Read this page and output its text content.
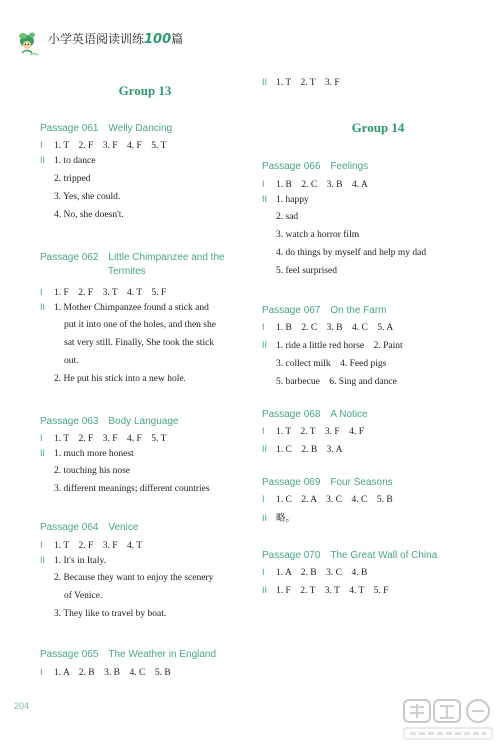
小学英语阅读训练100篇
Group 13
Passage 061　Welly Dancing
I 1. T　2. F　3. F　4. F　5. T
II 1. to dance
2. tripped
3. Yes, she could.
4. No, she doesn't.
Passage 062　Little Chimpanzee and the
Termites
I 1. F　2. F　3. T　4. T　5. F
II 1. Mother Chimpanzee found a stick and
put it into one of the holes, and then she
sat very still. Finally, She took the stick
out.
2. He put his stick into a new hole.
Passage 063　Body Language
I 1. T　2. F　3. F　4. F　5. T
II 1. much more honest
2. touching his nose
3. different meanings; different countries
Passage 064　Venice
I 1. T　2. F　3. F　4. T
II 1. It's in Italy.
2. Because they want to enjoy the scenery
of Venice.
3. They like to travel by boat.
Passage 065　The Weather in England
I 1. A　2. B　3. B　4. C　5. B
II 1. T　2. T　3. F
Group 14
Passage 066　Feelings
I 1. B　2. C　3. B　4. A
II 1. happy
2. sad
3. watch a horror film
4. do things by myself and help my dad
5. feel surprised
Passage 067　On the Farm
I 1. B　2. C　3. B　4. C　5. A
II 1. ride a little red horse　2. Paint
3. collect milk　4. Feed pigs
5. barbecue　6. Sing and dance
Passage 068　A Notice
I 1. T　2. T　3. F　4. F
II 1. C　2. B　3. A
Passage 069　Four Seasons
I 1. C　2. A　3. C　4. C　5. B
II 略。
Passage 070　The Great Wall of China
I 1. A　2. B　3. C　4. B
II 1. F　2. T　3. T　4. T　5. F
204
